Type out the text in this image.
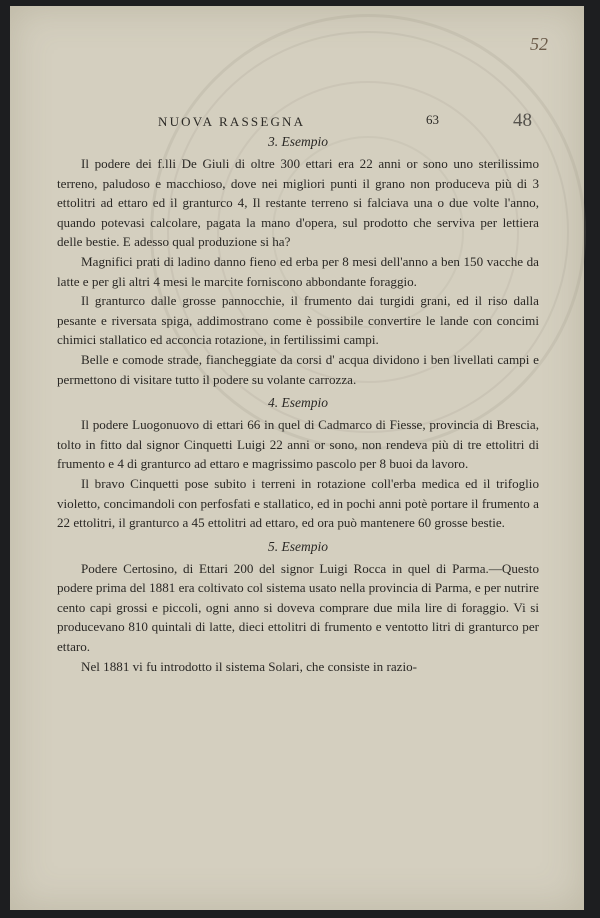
52
48
NUOVA RASSEGNA	63
3. Esempio

Il podere dei f.lli De Giuli di oltre 300 ettari era 22 anni or sono uno sterilissimo terreno, paludoso e macchioso, dove nei migliori punti il grano non produceva più di 3 ettolitri ad ettaro ed il granturco 4, Il restante terreno si falciava una o due volte l'anno, quando potevasi calcolare, pagata la mano d'opera, sul prodotto che serviva per lettiera delle bestie. E adesso qual produzione si ha?

Magnifici prati di ladino danno fieno ed erba per 8 mesi dell'anno a ben 150 vacche da latte e per gli altri 4 mesi le marcite forniscono abbondante foraggio.

Il granturco dalle grosse pannocchie, il frumento dai turgidi grani, ed il riso dalla pesante e riversata spiga, addimostrano come è possibile convertire le lande con concimi chimici stallatico ed acconcia rotazione, in fertilissimi campi.

Belle e comode strade, fiancheggiate da corsi d' acqua dividono i ben livellati campi e permettono di visitare tutto il podere su volante carrozza.

4. Esempio

Il podere Luogonuovo di ettari 66 in quel di Cadmarco di Fiesse, provincia di Brescia, tolto in fitto dal signor Cinquetti Luigi 22 anni or sono, non rendeva più di tre ettolitri di frumento e 4 di granturco ad ettaro e magrissimo pascolo per 8 buoi da lavoro.

Il bravo Cinquetti pose subito i terreni in rotazione coll'erba medica ed il trifoglio violetto, concimandoli con perfosfati e stallatico, ed in pochi anni potè portare il frumento a 22 ettolitri, il granturco a 45 ettolitri ad ettaro, ed ora può mantenere 60 grosse bestie.

5. Esempio

Podere Certosino, di Ettari 200 del signor Luigi Rocca in quel di Parma.—Questo podere prima del 1881 era coltivato col sistema usato nella provincia di Parma, e per nutrire cento capi grossi e piccoli, ogni anno si doveva comprare due mila lire di foraggio. Vi si producevano 810 quintali di latte, dieci ettolitri di frumento e ventotto litri di granturco per ettaro.

Nel 1881 vi fu introdotto il sistema Solari, che consiste in razio-
